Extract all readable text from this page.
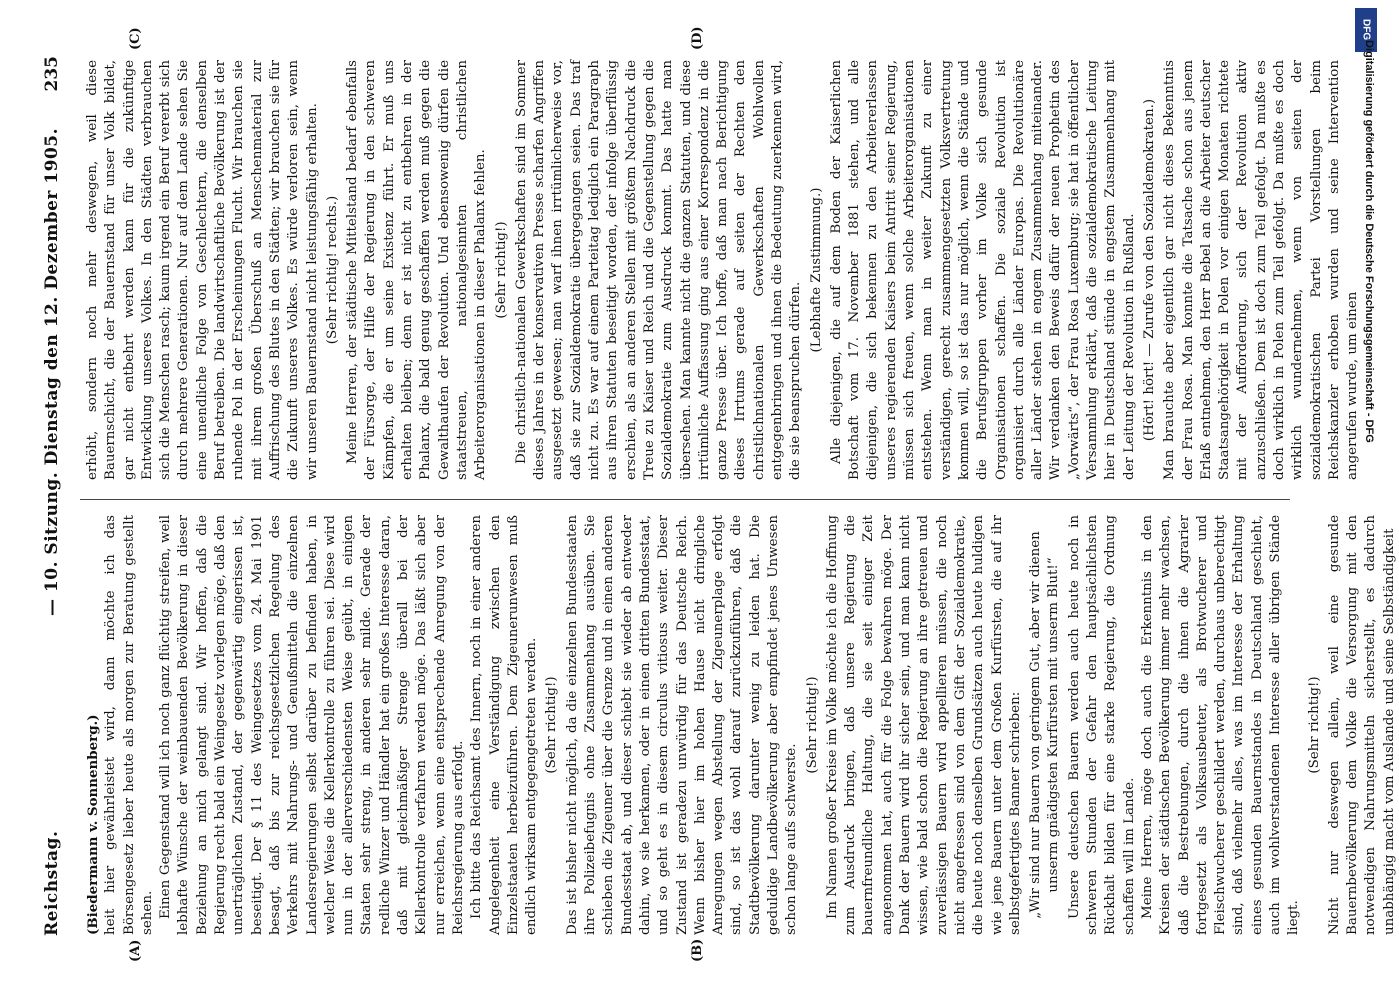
Reichstag.
— 10. Sitzung. Dienstag den 12. Dezember 1905.
235
(A)	(B)
(C)	(D)

(Biedermann v. Sonnenberg.) heit hier gewährleistet wird, dann möchte ich das Börsengesetz lieber heute als morgen zur Beratung gestellt sehen. Einen Gegenstand will ich noch ganz flüchtig streifen, weil lebhafte Wünsche der weinbauenden Bevölkerung in dieser Beziehung an mich gelangt sind. Wir hoffen, daß die Regierung recht bald ein Weingesetz vorlegen möge, daß den unerträglichen Zustand, der gegenwärtig eingerissen ist, beseitigt. Der § 11 des Weingesetzes vom 24. Mai 1901 besagt, daß bis zur reichsgesetzlichen Regelung des Verkehrs mit Nahrungs- und Genußmitteln die einzelnen Landesregierungen selbst darüber zu befinden haben, in welcher Weise die Kellerkontrolle zu führen sei. Diese wird nun in der allerverschiedensten Weise geübt, in einigen Staaten sehr streng, in anderen sehr milde. Gerade der redliche Winzer und Händler hat ein großes Interesse daran, daß mit gleichmäßiger Strenge überall bei der Kellerkontrolle verfahren werden möge. Das läßt sich aber nur erreichen, wenn eine entsprechende Anregung von der Reichsregierung aus erfolgt. Ich bitte das Reichsamt des Innern, noch in einer anderen Angelegenheit eine Verständigung zwischen den Einzelstaaten herbeizuführen. Dem Zigeunerunwesen muß endlich wirksam entgegengetreten werden. (Sehr richtig!) Das ist bisher nicht möglich, da die einzelnen Bundesstaaten ihre Polizeibefugnis ohne Zusammenhang ausüben. Sie schieben die Zigeuner über die Grenze und in einen anderen Bundesstaat ab, und dieser schiebt sie wieder ab entweder dahin, wo sie herkamen, oder in einen dritten Bundesstaat, und so geht es in diesem circulus vitiosus weiter. Dieser Zustand ist geradezu unwürdig für das Deutsche Reich. Wenn bisher hier im hohen Hause nicht dringliche Anregungen wegen Abstellung der Zigeunerplage erfolgt sind, so ist das wohl darauf zurückzuführen, daß die Stadtbevölkerung darunter wenig zu leiden hat. Die geduldige Landbevölkerung aber empfindet jenes Unwesen schon lange aufs schwerste.

(Sehr richtig!) Im Namen großer Kreise im Volke möchte ich die Hoffnung zum Ausdruck bringen, daß unsere Regierung die bauernfreundliche Haltung, die sie seit einiger Zeit angenommen hat, auch für die Folge bewahren möge. Der Dank der Bauern wird ihr sicher sein, und man kann nicht wissen, wie bald schon die Regierung an ihre getreuen und zuverlässigen Bauern wird appellieren müssen, die noch nicht angefressen sind von dem Gift der Sozialdemokratie, die heute noch denselben Grundsätzen auch heute huldigen wie jene Bauern unter dem Großen Kurfürsten, die auf ihr selbstgefertigtes Banner schrieben: „Wir sind nur Bauern von geringem Gut, aber wir dienen unserm gnädigsten Kurfürsten mit unserm Blut!“ Unsere deutschen Bauern werden auch heute noch in schweren Stunden der Gefahr den hauptsächlichsten Rückhalt bilden für eine starke Regierung, die Ordnung schaffen will im Lande. Meine Herren, möge doch auch die Erkenntnis in den Kreisen der städtischen Bevölkerung immer mehr wachsen, daß die Bestrebungen, durch die ihnen die Agrarier fortgesetzt als Volksausbeuter, als Brotwucherer und Fleischwucherer geschildert werden, durchaus unberechtigt sind, daß vielmehr alles, was im Interesse der Erhaltung eines gesunden Bauernstandes in Deutschland geschieht, auch im wohlverstandenen Interesse aller übrigen Stände liegt.

(Sehr richtig!) Nicht nur deswegen allein, weil eine gesunde Bauernbevölkerung dem Volke die Versorgung mit den notwendigen Nahrungsmitteln sicherstellt, es dadurch unabhängig macht vom Auslande und seine Selbständigkeit

erhöht, sondern noch mehr deswegen, weil diese Bauernschicht, die der Bauernstand für unser Volk bildet, gar nicht entbehrt werden kann für die zukünftige Entwicklung unseres Volkes. In den Städten verbrauchen sich die Menschen rasch; kaum irgend ein Beruf vererbt sich durch mehrere Generationen. Nur auf dem Lande sehen Sie eine unendliche Folge von Geschlechtern, die denselben Beruf betreiben. Die landwirtschaftliche Bevölkerung ist der ruhende Pol in der Erscheinungen Flucht. Wir brauchen sie mit ihrem großen Überschuß an Menschenmaterial zur Auffrischung des Blutes in den Städten; wir brauchen sie für die Zukunft unseres Volkes. Es würde verloren sein, wenn wir unseren Bauernstand nicht leistungsfähig erhalten. (Sehr richtig! rechts.) Meine Herren, der städtische Mittelstand bedarf ebenfalls der Fürsorge, der Hilfe der Regierung in den schweren Kämpfen, die er um seine Existenz führt. Er muß uns erhalten bleiben; denn er ist nicht zu entbehren in der Phalanx, die bald genug geschaffen werden muß gegen die Gewalthaufen der Revolution. Und ebensowenig dürfen die staatstreuen, nationalgesinnten christlichen Arbeiterorganisationen in dieser Phalanx fehlen. (Sehr richtig!) Die christlich-nationalen Gewerkschaften sind im Sommer dieses Jahres in der konservativen Presse scharfen Angriffen ausgesetzt gewesen; man warf ihnen irrtümlicherweise vor, daß sie zur Sozialdemokratie übergegangen seien. Das traf nicht zu. Es war auf einem Parteitag lediglich ein Paragraph aus ihren Statuten beseitigt worden, der infolge überflüssig erschien, als an anderen Stellen mit größtem Nachdruck die Treue zu Kaiser und Reich und die Gegenstellung gegen die Sozialdemokratie zum Ausdruck kommt. Das hatte man übersehen. Man kannte nicht die ganzen Statuten, und diese irrtümliche Auffassung ging aus einer Korrespondenz in die ganze Presse über. Ich hoffe, daß man nach Berichtigung dieses Irrtums gerade auf seiten der Rechten den christlichnationalen Gewerkschaften Wohlwollen entgegenbringen und ihnen die Bedeutung zuerkennen wird, die sie beanspruchen dürfen.

(Lebhafte Zustimmung.) Alle diejenigen, die auf dem Boden der Kaiserlichen Botschaft vom 17. November 1881 stehen, und alle diejenigen, die sich bekennen zu den Arbeitererlassen unseres regierenden Kaisers beim Antritt seiner Regierung, müssen sich freuen, wenn solche Arbeiterorganisationen entstehen. Wenn man in weiter Zukunft zu einer verständigen, gerecht zusammengesetzten Volksvertretung kommen will, so ist das nur möglich, wenn die Stände und die Berufsgruppen vorher im Volke sich gesunde Organisationen schaffen. Die soziale Revolution ist organisiert durch alle Länder Europas. Die Revolutionäre aller Länder stehen in engem Zusammenhang miteinander. Wir verdanken den Beweis dafür der neuen Prophetin des „Vorwärts“, der Frau Rosa Luxemburg; sie hat in öffentlicher Versammlung erklärt, daß die sozialdemokratische Leitung hier in Deutschland stünde in engstem Zusammenhang mit der Leitung der Revolution in Rußland. (Hört! hört! — Zurufe von den Sozialdemokraten.) Man brauchte aber eigentlich gar nicht dieses Bekenntnis der Frau Rosa. Man konnte die Tatsache schon aus jenem Erlaß entnehmen, den Herr Bebel an die Arbeiter deutscher Staatsangehörigkeit in Polen vor einigen Monaten richtete mit der Aufforderung, sich der Revolution aktiv anzuschließen. Dem ist doch zum Teil gefolgt. Da mußte es doch wirklich in Polen zum Teil gefolgt. Da mußte es doch wirklich wundernehmen, wenn von seiten der sozialdemokratischen Partei Vorstellungen beim Reichskanzler erhoben wurden und seine Intervention angerufen wurde, um einen

DFG
Digitalisierung gefördert durch die Deutsche Forschungsgemeinschaft - DFG
